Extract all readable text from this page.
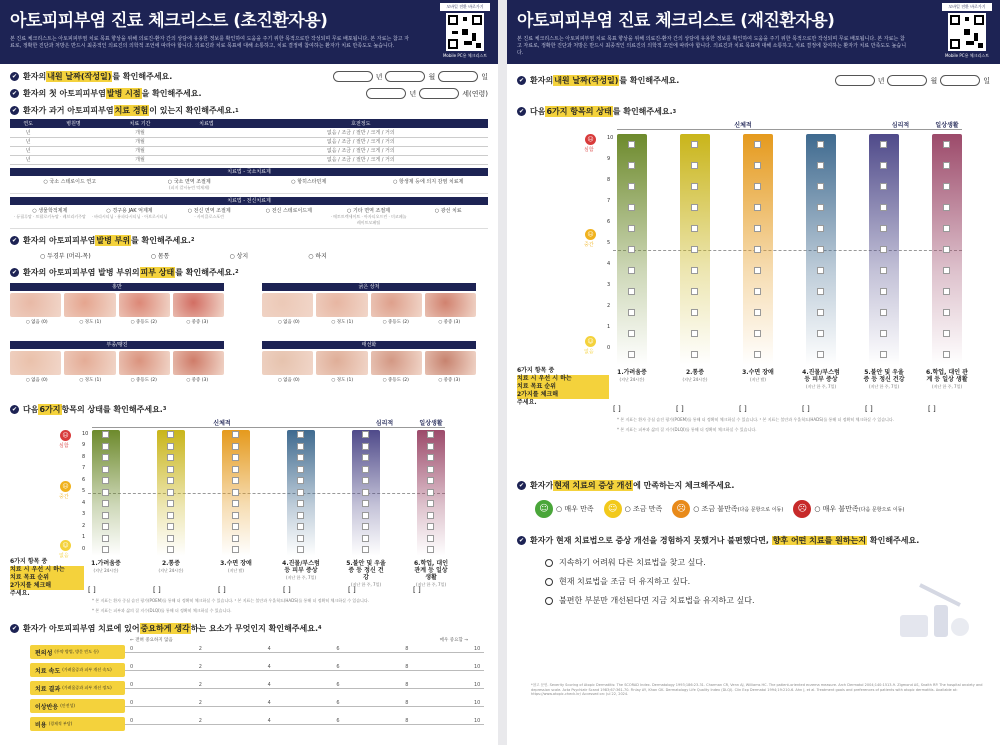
아토피피부염 진료 체크리스트 (초진환자용)
본 진료 체크리스트는 아토피피부염 치료 목표 향상을 위해 의료진-환자 간의 상담에 유용한 정보를 확인하여 도움을 주기 위한 목적으로만 작성되며 무료 배포됩니다. 본 자료는 참고 자료로, 정확한 진단과 처방은 반드시 최종적인 의료진의 의학적 조언에 따라야 합니다. 의료진과 치료 목표에 대해 소통하고, 치료 결정에 참여하는 환자가 치료 만족도도 높습니다.
모바일 전환 바로가기
Mobile PC용 체크리스트
✔ 환자의 내원 날짜(작성일) 를 확인해주세요.	년	월	일
✔ 환자의 첫 아토피피부염 발병 시점 을 확인해주세요.	년	세(연령)
✔ 환자가 과거 아토피피부염 치료 경험 이 있는지 확인해주세요. 1
연도	병원명	치료 기간	치료법	호전정도
년		개월		없음 / 조금 / 절반 / 크게 / 거의
년		개월		없음 / 조금 / 절반 / 크게 / 거의
년		개월		없음 / 조금 / 절반 / 크게 / 거의
년		개월		없음 / 조금 / 절반 / 크게 / 거의
치료법 - 국소치료제
○ 국소 스테로이드 연고	○ 국소 면역 조절제
(피지 칼시뉴린 억제제)
○ 항히스타민제	○ 항생제 등에 의지 감염 치료제
치료법 - 전신치료제
○ 생물학적제제
· 듀필루맙 · 트랄로키누맙 · 레브리키주맙
○ 경구용 JAK 억제제
· 바리시티닙 · 유파다시티닙 · 아브로시티닙
○ 전신 면역 조절제
· 사이클로스포린
○ 전신 스테로이드제	○ 기타 면역 조절제
· 메토트렉세이트 · 아자티오프린 · 미코페놀레이트모페틸
○ 광선 치료
✔ 환자의 아토피피부염 발병 부위 를 확인해주세요. 2
○ 두경부 (머리-목)	○ 몸통	○ 상지	○ 하지
✔ 환자의 아토피피부염 발병 부위의 피부 상태 를 확인해주세요. 2
홍반
○ 없음 (0)	○ 경도 (1)	○ 중등도 (2)	○ 중증 (3)
굵은 상처
○ 없음 (0)	○ 경도 (1)	○ 중등도 (2)	○ 중증 (3)
부종/팽진
○ 없음 (0)	○ 경도 (1)	○ 중등도 (2)	○ 중증 (3)
태선화
○ 없음 (0)	○ 경도 (1)	○ 중등도 (2)	○ 중증 (3)
✔ 다음 6가지 항목의 상태를 확인해주세요. 3
신체적	심리적	일상생활
10
9
8
7
6
5
4
3
2
1
0
☹
심함
☹
중간
☺
없음
1.가려움증
(지난 24시간)
[ ]
2.통증
(지난 24시간)
[ ]
3.수면 장애
(지난 밤)
[ ]
4.진물/부스럼 등 피부 증상
(지난 한 주, 7일)
[ ]
5.불안 및 우울증 등 정신 건강
(지난 한 주, 7일)
[ ]
6.학업, 대인 관계 등 일상 생활
(지난 한 주, 7일)
[ ]
6가지 항목 중
치료 시 우선 시 하는
치료 목표 순위
2가지를 체크해
주세요.
* 본 지표는 환자 중심 습진 평가(POEM)를 통해 더 정확히 체크하실 수 있습니다. ² 본 지표는 불안과 우울척도(HADS)를 통해 더 정확히 체크하실 수 있습니다.
* 본 지표는 피부과 삶의 질 지수(DLQI)를 통해 더 정확히 체크하실 수 있습니다.
✔ 환자가 아토피피부염 치료에 있어 중요하게 생각 하는 요소가 무엇인지 확인해주세요. 4
← 전혀 중요하지 않음	매우 중요함 →
편의성 (투약 방법, 방문 빈도 등)	0	2	4	6	8	10
치료 속도 (가려움증과 피부 개선 속도)	0	2	4	6	8	10
치료 결과 (가려움증과 피부 개선 정도)	0	2	4	6	8	10
이상반응 (안전성)	0	2	4	6	8	10
비용 (경제적 부담)	0	2	4	6	8	10
아토피피부염 진료 체크리스트 (재진환자용)
본 진료 체크리스트는 아토피피부염 치료 목표 향상을 위해 의료진-환자 간의 상담에 유용한 정보를 확인하여 도움을 주기 위한 목적으로만 작성되며 무료 배포됩니다. 본 자료는 참고 자료로, 정확한 진단과 처방은 반드시 최종적인 의료진의 의학적 조언에 따라야 합니다. 의료진과 치료 목표에 대해 소통하고, 치료 결정에 참여하는 환자가 치료 만족도도 높습니다.
모바일 전환 바로가기
Mobile PC용 체크리스트
✔ 환자의 내원 날짜(작성일) 를 확인해주세요.	년	월	일
✔ 다음 6가지 항목의 상태 를 확인해주세요. 3
신체적	심리적	일상생활
10
9
8
7
6
5
4
3
2
1
0
☹
심함
☹
중간
☺
없음
1.가려움증
(지난 24시간)
[ ]
2.통증
(지난 24시간)
[ ]
3.수면 장애
(지난 밤)
[ ]
4.진물/부스럼 등 피부 증상
(지난 한 주, 7일)
[ ]
5.불안 및 우울증 등 정신 건강
(지난 한 주, 7일)
[ ]
6.학업, 대인 관계 등 일상 생활
(지난 한 주, 7일)
[ ]
6가지 항목 중
치료 시 우선 시 하는
치료 목표 순위
2가지를 체크해
주세요.
* 본 지표는 환자 중심 습진 평가(POEM)를 통해 더 정확히 체크하실 수 있습니다. ² 본 지표는 불안과 우울척도(HADS)를 통해 더 정확히 체크하실 수 있습니다.
* 본 지표는 피부과 삶의 질 지수(DLQI)를 통해 더 정확히 체크하실 수 있습니다.
✔ 환자가 현재 치료의 증상 개선 에 만족하는지 체크해주세요.
☺	○ 매우 만족	☺	○ 조금 만족	☹	○ 조금 불만족 (다음 문항으로 이동)	☹	○ 매우 불만족 (다음 문항으로 이동)
✔ 환자가 현재 치료법으로 증상 개선을 경험하지 못했거나 불편했다면, 향후 어떤 치료를 원하는지 확인해주세요.
지속하기 어려워 다른 치료법을 찾고 싶다.
현재 치료법을 조금 더 유지하고 싶다.
불편한 부분만 개선된다면 지금 치료법을 유지하고 싶다.
*참고 문헌. Severity Scoring of Atopic Dermatitis: The SCORAD Index. Dermatology 1993;186:23-31. Charman CR, Venn AJ, Williams HC. The patient-oriented eczema measure. Arch Dermatol 2004;140:1513-9. Zigmond AS, Snaith RP. The hospital anxiety and depression scale. Acta Psychiatr Scand 1983;67:361-70. Finlay AY, Khan GK. Dermatology Life Quality Index (DLQI). Clin Exp Dermatol 1994;19:210-6. Ahn J, et al. Treatment goals and preferences of patients with atopic dermatitis. Available at: https://www.atopic-check.kr/ Accessed on: Jul 22, 2024.
